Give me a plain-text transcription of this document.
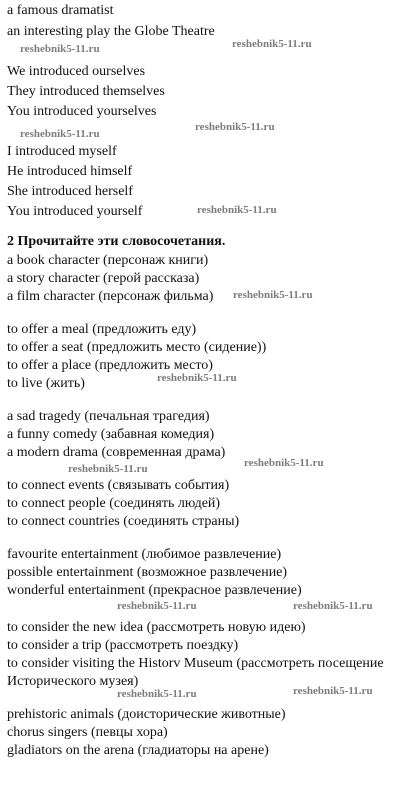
a famous dramatist
an interesting play the Globe Theatre
We introduced ourselves
They introduced themselves
You introduced yourselves
I introduced myself
He introduced himself
She introduced herself
You introduced yourself
2 Прочитайте эти словосочетания.
a book character (персонаж книги)
a story character (герой рассказа)
a film character (персонаж фильма)
to offer a meal (предложить еду)
to offer a seat (предложить место (сидение))
to offer a place (предложить место)
to live (жить)
a sad tragedy (печальная трагедия)
a funny comedy (забавная комедия)
a modern drama (современная драма)
to connect events (связывать события)
to connect people (соединять людей)
to connect countries (соединять страны)
favourite entertainment (любимое развлечение)
possible entertainment (возможное развлечение)
wonderful entertainment (прекрасное развлечение)
to consider the new idea (рассмотреть новую идею)
to consider a trip (рассмотреть поездку)
to consider visiting the Historv Museum (рассмотреть посещение
Исторического музея)
prehistoric animals (доисторические животные)
chorus singers (певцы хора)
gladiators on the arena (гладиаторы на арене)
reshebnik5-11.ru	reshebnik5-11.ru
reshebnik5-11.ru
reshebnik5-11.ru
reshebnik5-11.ru
reshebnik5-11.ru
reshebnik5-11.ru
reshebnik5-11.ru
reshebnik5-11.ru
reshebnik5-11.ru	reshebnik5-11.ru
reshebnik5-11.ru	reshebnik5-11.ru
